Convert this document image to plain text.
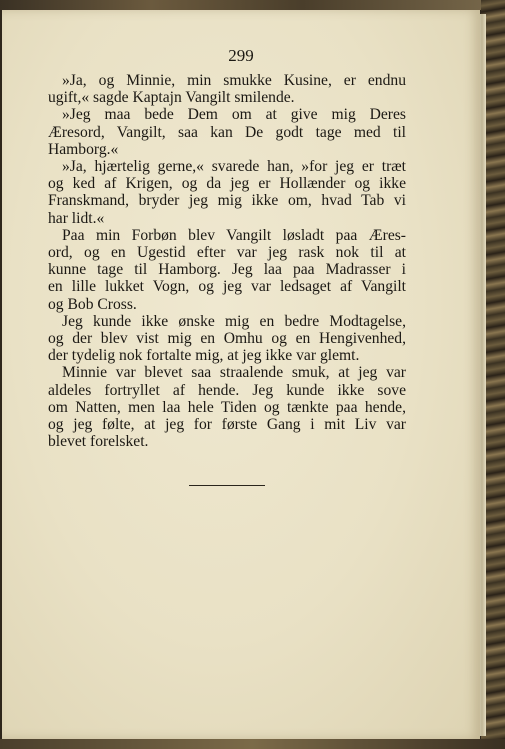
299
»Ja, og Minnie, min smukke Kusine, er endnu
ugift,« sagde Kaptajn Vangilt smilende.
»Jeg maa bede Dem om at give mig Deres
Æresord, Vangilt, saa kan De godt tage med til
Hamborg.«
»Ja, hjærtelig gerne,« svarede han, »for jeg er træt
og ked af Krigen, og da jeg er Hollænder og ikke
Franskmand, bryder jeg mig ikke om, hvad Tab vi
har lidt.«
Paa min Forbøn blev Vangilt løsladt paa Æres-
ord, og en Ugestid efter var jeg rask nok til at
kunne tage til Hamborg. Jeg laa paa Madrasser i
en lille lukket Vogn, og jeg var ledsaget af Vangilt
og Bob Cross.
Jeg kunde ikke ønske mig en bedre Modtagelse,
og der blev vist mig en Omhu og en Hengivenhed,
der tydelig nok fortalte mig, at jeg ikke var glemt.
Minnie var blevet saa straalende smuk, at jeg var
aldeles fortryllet af hende. Jeg kunde ikke sove
om Natten, men laa hele Tiden og tænkte paa hende,
og jeg følte, at jeg for første Gang i mit Liv var
blevet forelsket.
